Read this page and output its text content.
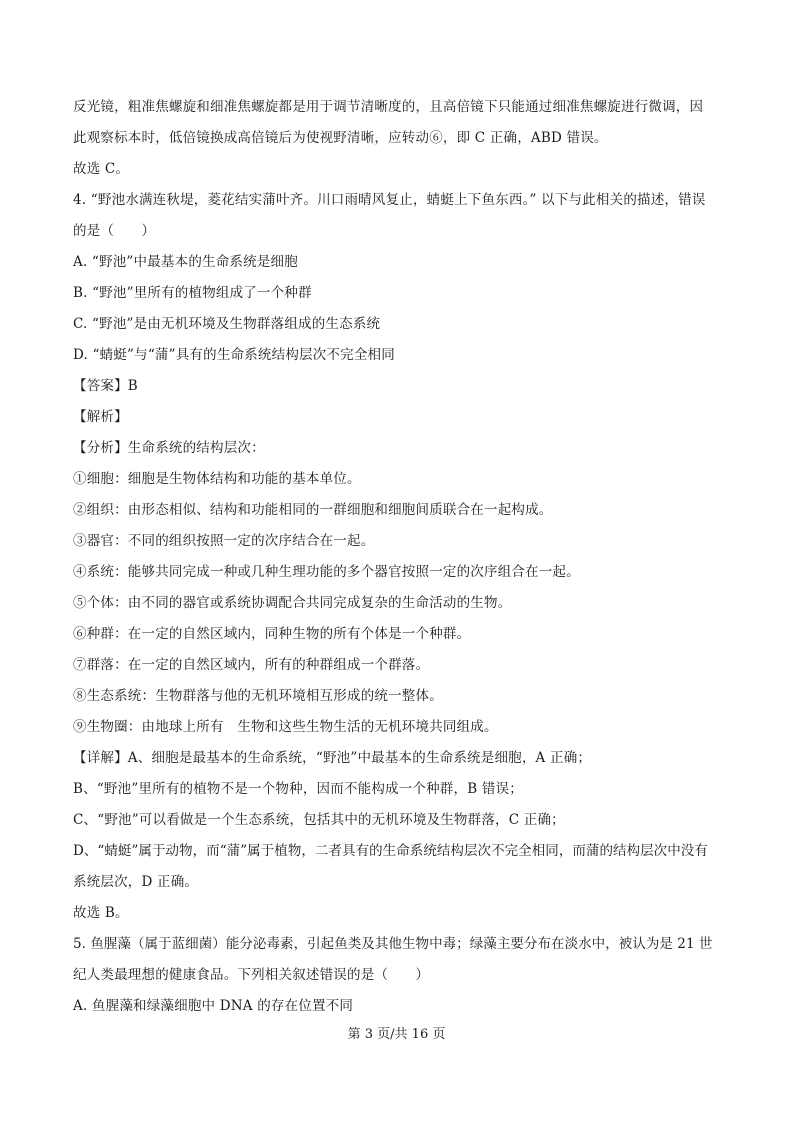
反光镜，粗准焦螺旋和细准焦螺旋都是用于调节清晰度的，且高倍镜下只能通过细准焦螺旋进行微调，因
此观察标本时，低倍镜换成高倍镜后为使视野清晰，应转动⑥，即 C 正确，ABD 错误。
故选 C。
4. “野池水满连秋堤，菱花结实蒲叶齐。川口雨晴风复止，蜻蜓上下鱼东西。” 以下与此相关的描述，错误
的是（　　）
A. “野池”中最基本的生命系统是细胞
B. “野池”里所有的植物组成了一个种群
C. “野池”是由无机环境及生物群落组成的生态系统
D. “蜻蜓”与“蒲”具有的生命系统结构层次不完全相同
【答案】B
【解析】
【分析】生命系统的结构层次：
①细胞：细胞是生物体结构和功能的基本单位。
②组织：由形态相似、结构和功能相同的一群细胞和细胞间质联合在一起构成。
③器官：不同的组织按照一定的次序结合在一起。
④系统：能够共同完成一种或几种生理功能的多个器官按照一定的次序组合在一起。
⑤个体：由不同的器官或系统协调配合共同完成复杂的生命活动的生物。
⑥种群：在一定的自然区域内，同种生物的所有个体是一个种群。
⑦群落：在一定的自然区域内，所有的种群组成一个群落。
⑧生态系统：生物群落与他的无机环境相互形成的统一整体。
⑨生物圈：由地球上所有　生物和这些生物生活的无机环境共同组成。
【详解】A、细胞是最基本的生命系统，“野池”中最基本的生命系统是细胞，A 正确；
B、“野池”里所有的植物不是一个物种，因而不能构成一个种群，B 错误；
C、“野池”可以看做是一个生态系统，包括其中的无机环境及生物群落，C 正确；
D、“蜻蜓”属于动物，而“蒲”属于植物，二者具有的生命系统结构层次不完全相同，而蒲的结构层次中没有
系统层次，D 正确。
故选 B。
5. 鱼腥藻（属于蓝细菌）能分泌毒素，引起鱼类及其他生物中毒；绿藻主要分布在淡水中，被认为是 21 世
纪人类最理想的健康食品。下列相关叙述错误的是（　　）
A. 鱼腥藻和绿藻细胞中 DNA 的存在位置不同
第 3 页/共 16 页
